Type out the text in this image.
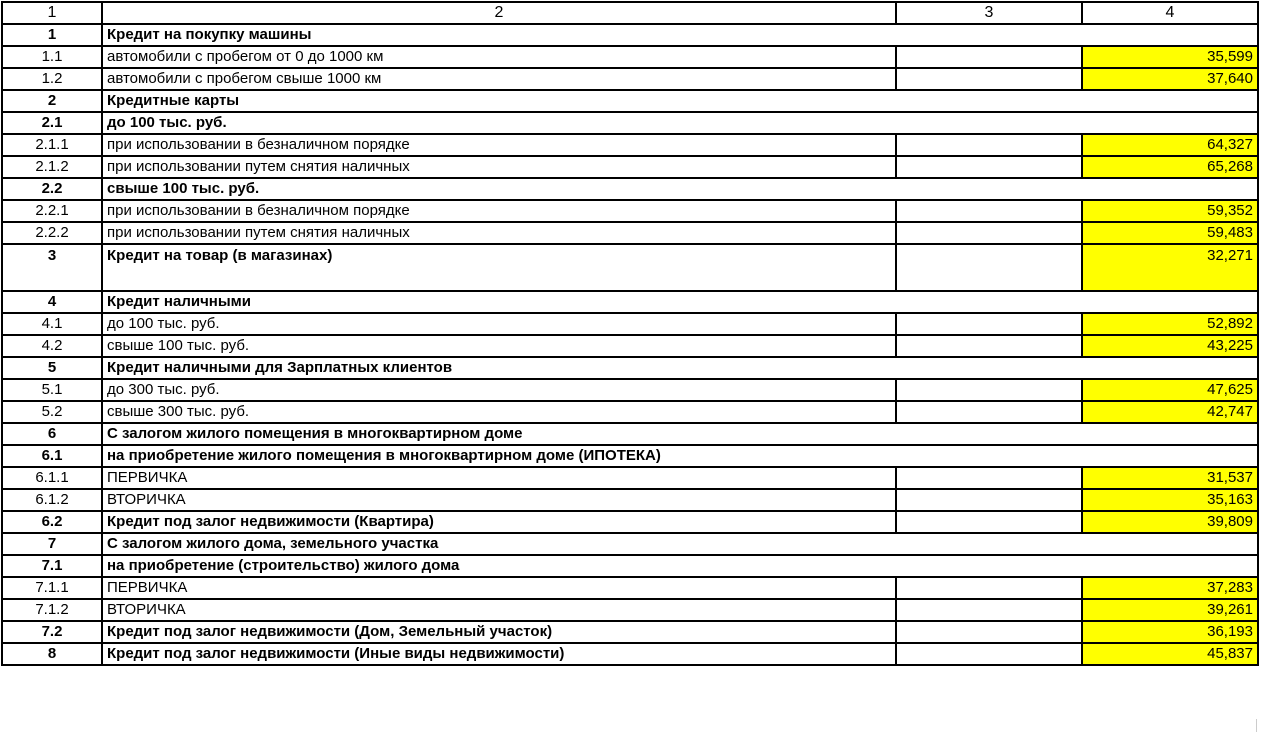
1	2	3	4
1	Кредит на покупку машины		
1.1	автомобили с пробегом от 0 до 1000 км		35,599
1.2	автомобили с пробегом свыше 1000 км		37,640
2	Кредитные карты		
2.1	до 100 тыс. руб.		
2.1.1	при использовании в безналичном порядке		64,327
2.1.2	при использовании путем снятия наличных		65,268
2.2	свыше 100 тыс. руб.		
2.2.1	при использовании в безналичном порядке		59,352
2.2.2	при использовании путем снятия наличных		59,483
3	Кредит на товар (в магазинах)		32,271
4	Кредит наличными		
4.1	до 100 тыс. руб.		52,892
4.2	свыше 100 тыс. руб.		43,225
5	Кредит наличными для Зарплатных клиентов		
5.1	до 300 тыс. руб.		47,625
5.2	свыше 300 тыс. руб.		42,747
6	С залогом жилого помещения в многоквартирном доме		
6.1	на приобретение жилого помещения в многоквартирном доме (ИПОТЕКА)		
6.1.1	ПЕРВИЧКА		31,537
6.1.2	ВТОРИЧКА		35,163
6.2	Кредит под залог недвижимости (Квартира)		39,809
7	С залогом жилого дома, земельного участка		
7.1	на приобретение (строительство) жилого дома		
7.1.1	ПЕРВИЧКА		37,283
7.1.2	ВТОРИЧКА		39,261
7.2	Кредит под залог недвижимости (Дом, Земельный участок)		36,193
8	Кредит под залог недвижимости (Иные виды недвижимости)		45,837
